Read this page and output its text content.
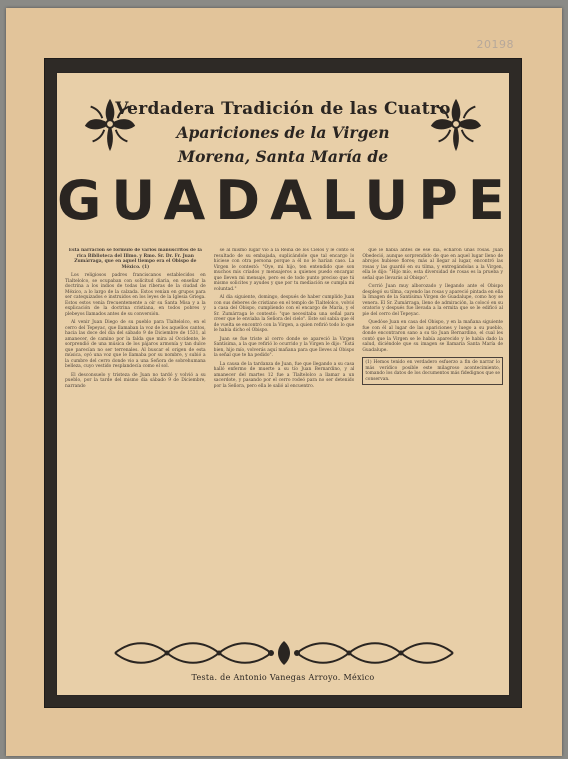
20198
Verdadera Tradición de las Cuatro
Apariciones de la Virgen
Morena, Santa María de
GUADALUPE

Esta narración se formuló de varios manuscritos de la rica Biblioteca del Illmo. y Rmo. Sr. Dr. Fr. Juan Zumárraga, que en aquel tiempo era el Obispo de México. (1)

Los religiosos padres franciscanos establecidos en Tlaltelolco, se ocupaban con solícitud diaria, en enseñar la doctrina a los indios de todas las riberas de la ciudad de México, a lo largo de la calzada. Estos venían en grupos para ser catequizados e instruidos en los leyes de la Iglesia Griega. Estos estos venía frecuentemente a oír su Santa Misa y a la explicación de la doctrina cristiana, en todos pobres y plebeyos llamados antes de su conversión.

Al venir Juan Diego de su pueblo para Tlaltelolco, en el cerro del Tepeyac, que llamaban la voz de los aquellos cantos, hacia las doce del día del sábado 9 de Diciembre de 1531, al amanecer, de camino por la falda que mira al Occidente, le sorprendió de una música de los pájaros armonía y tan dulce que parecían no ser terrenales. Al buscar el origen de esta música, oyó una voz que le llamaba por su nombre, y subió a la cumbre del cerro donde vio a una Señora de sobrehumana belleza, cuyo vestido resplandecía como el sol.

El desconsuelo y tristeza de Juan no tardó y volvió a su pueblo, por la tarde del mismo día sábado 9 de Diciembre, narrando

se al mismo lugar vió a la Reina de los Cielos y le contó el resultado de su embajada, suplicándole que tal encargo lo hiciese con otra persona porque a él no le harían caso. La Virgen le contestó: "Oye, mi hijo, ten entendido que son muchos mis criados y mensajeros a quienes puedo encargar que lleven mi mensaje, pero es de todo punto preciso que tú mismo solicites y ayudes y que por tu mediación se cumpla mi voluntad."

Al día siguiente, domingo, después de haber cumplido Juan con sus deberes de cristiano en el templo de Tlaltelolco, volvió a casa del Obispo, cumpliendo con el encargo de María, y el Sr. Zumárraga le contestó: "que necesitaba una señal para creer que le enviaba la Señora del cielo". Este sol sabía que él de vuelta se encontró con la Virgen, a quien refirió todo lo que le había dicho el Obispo.

Juan se fue triste al cerro donde se apareció la Virgen Santísima, a la que refirió lo ocurrido y la Virgen le dijo: "Está bien, hijo mío, volverás aquí mañana para que lleves al Obispo la señal que te ha pedido".

La causa de la tardanza de Juan, fue que llegando a su casa halló enfermo de muerte a su tío Juan Bernardino, y al amanecer del martes 12 fue a Tlaltelolco a llamar a un sacerdote, y pasando por el cerro rodeó para no ser detenido por la Señora, pero ella le salió al encuentro.

que le había antes de ese día, echaron unas rosas. Juan Obedeció, aunque sorprendido de que en aquel lugar lleno de abrojos hubiese flores; más al llegar al lugar, encontró las rosas y las guardó en su tilma, y entregándolas a la Virgen, ella le dijo: "Hijo mío, esta diversidad de rosas es la prueba y señal que llevarás al Obispo".

Corrió Juan muy alborozado y llegando ante el Obispo desplegó su tilma, cayendo las rosas y apareció pintada en ella la Imagen de la Santísima Virgen de Guadalupe, como hoy se venera. El Sr. Zumárraga, lleno de admiración, la colocó en su oratorio y después fue llevada a la ermita que se le edificó al pie del cerro del Tepeyac.

Quedóse Juan en casa del Obispo, y en la mañana siguiente fue con él al lugar de las apariciones y luego a su pueblo, donde encontraron sano a su tío Juan Bernardino, el cual les contó que la Virgen se le había aparecido y le había dado la salud, diciéndole que su imagen se llamaría Santa María de Guadalupe.

(1) Hemos tenido en verdadero esfuerzo a fin de narrar lo más verídico posible este milagroso acontecimiento, tomando los datos de los documentos más fidedignos que se conservan.

Testa. de Antonio Vanegas Arroyo. México
